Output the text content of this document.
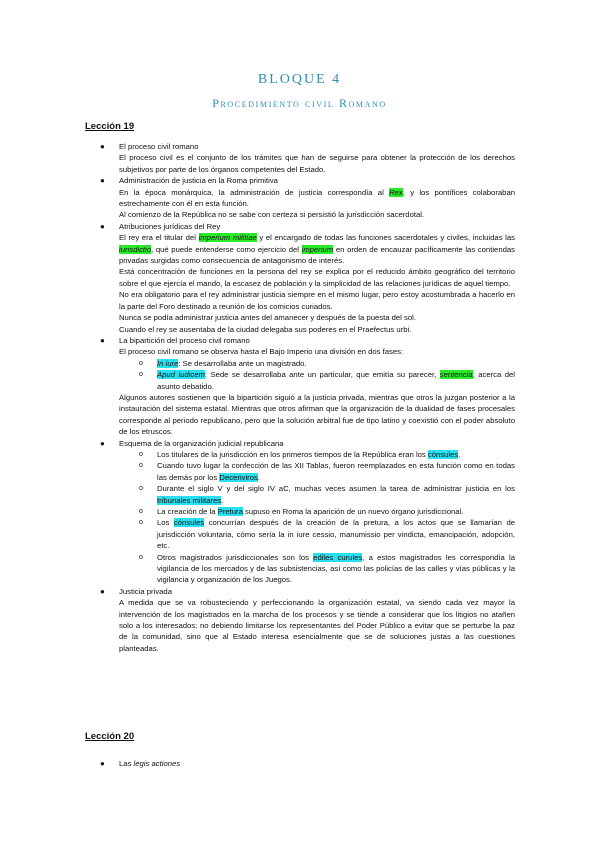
BLOQUE 4
Procedimiento civil Romano
Lección 19
● El proceso civil romano

El proceso civil es el conjunto de los trámites que han de seguirse para obtener la protección de los derechos subjetivos por parte de los órganos competentes del Estado.

● Administración de justicia en la Roma primitiva

En la época monárquica, la administración de justicia correspondía al Rex, y los pontífices colaboraban estrechamente con él en esta función.

Al comienzo de la República no se sabe con certeza si persistió la jurisdicción sacerdotal.

● Atribuciones jurídicas del Rey

El rey era el titular del imperium militiae y el encargado de todas las funciones sacerdotales y civiles, incluidas las iurisdictio, qué puede entenderse como ejercicio del imperium en orden de encauzar pacíficamente las contiendas privadas surgidas como consecuencia de antagonismo de interés.

Está concentración de funciones en la persona del rey se explica por el reducido ámbito geográfico del territorio sobre el que ejercía el mando, la escasez de población y la simplicidad de las relaciones jurídicas de aquel tiempo.

No era obligatorio para el rey administrar justicia siempre en el mismo lugar, pero estoy acostumbrada a hacerlo en la parte del Foro destinado a reunión de los comicios curiados.

Nunca se podía administrar justicia antes del amanecer y después de la puesta del sol.

Cuando el rey se ausentaba de la ciudad delegaba sus poderes en el Praefectus urbi.

● La bipartición del proceso civil romano

El proceso civil romano se observa hasta el Bajo Imperio una división en dos fases:

o In iure: Se desarrollaba ante un magistrado.
o Apud iudicem: Sede se desarrollaba ante un particular, que emitía su parecer, sentencia, acerca del asunto debatido.

Algunos autores sostienen que la bipartición siguió a la justicia privada, mientras que otros la juzgan posterior a la instauración del sistema estatal. Mientras que otros afirman que la organización de la dualidad de fases procesales corresponde al periodo republicano, pero que la solución arbitral fue de tipo latino y coexistió con el poder absoluto de los etruscos.

● Esquema de la organización judicial republicana
o Los titulares de la jurisdicción en los primeros tiempos de la República eran los cónsules.
o Cuando tuvo lugar la confección de las XII Tablas, fueron reemplazados en esta función como en todas las demás por los Decenviros.
o Durante el siglo V y del siglo IV aC, muchas veces asumen la tarea de administrar justicia en los tribunales militares.
o La creación de la Pretura supuso en Roma la aparición de un nuevo órgano jurisdiccional.
o Los cónsules concurrían después de la creación de la pretura, a los actos que se llamarían de jurisdicción voluntaria, cómo sería la in iure cessio, manumissio per vindicta, emancipación, adopción, etc.
o Otros magistrados jurisdiccionales son los ediles curules, a estos magistrados les correspondía la vigilancia de los mercados y de las subsistencias, así como las policías de las calles y vías públicas y la vigilancia y organización de los Juegos.
● Justicia privada

A medida que se va robusteciendo y perfeccionando la organización estatal, va siendo cada vez mayor la intervención de los magistrados en la marcha de los procesos y se tiende a considerar que los litigios no atañen solo a los interesados; no debiendo limitarse los representantes del Poder Público a evitar que se perturbe la paz de la comunidad, sino que al Estado interesa esencialmente que se de soluciones justas a las cuestiones planteadas.

Lección 20
● Las legis actiones
